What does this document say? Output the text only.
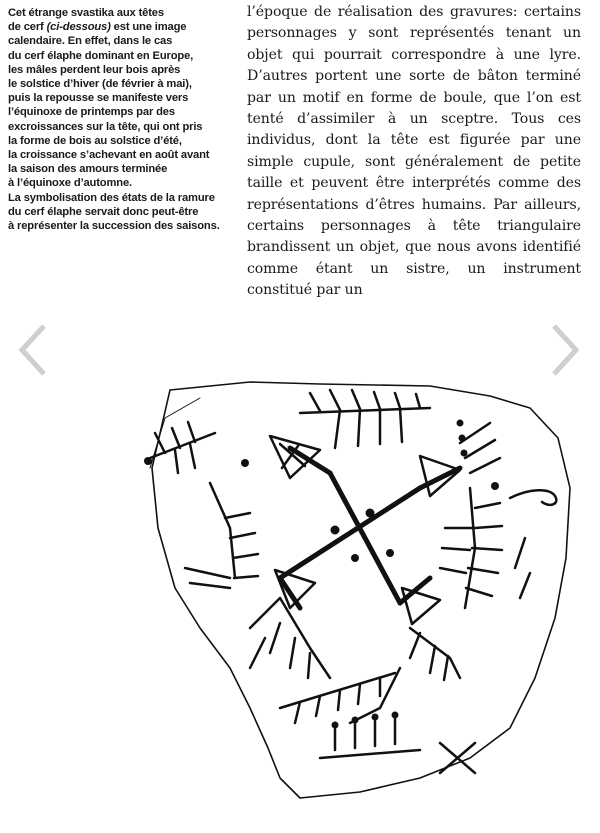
Cet étrange svastika aux têtes
de cerf (ci-dessous) est une image
calendaire. En effet, dans le cas
du cerf élaphe dominant en Europe,
les mâles perdent leur bois après
le solstice d’hiver (de février à mai),
puis la repousse se manifeste vers
l’équinoxe de printemps par des
excroissances sur la tête, qui ont pris
la forme de bois au solstice d’été,
la croissance s’achevant en août avant
la saison des amours terminée
à l’équinoxe d’automne.
La symbolisation des états de la ramure
du cerf élaphe servait donc peut-être
à représenter la succession des saisons.
l’époque de réalisation des gravures: certains personnages y sont représentés tenant un objet qui pourrait correspondre à une lyre. D’autres portent une sorte de bâton terminé par un motif en forme de boule, que l’on est tenté d’assimiler à un sceptre. Tous ces individus, dont la tête est figurée par une simple cupule, sont généralement de petite taille et peuvent être interprétés comme des représentations d’êtres humains. Par ailleurs, certains personnages à tête triangulaire brandissent un objet, que nous avons identifié comme étant un sistre, un instrument constitué par un
